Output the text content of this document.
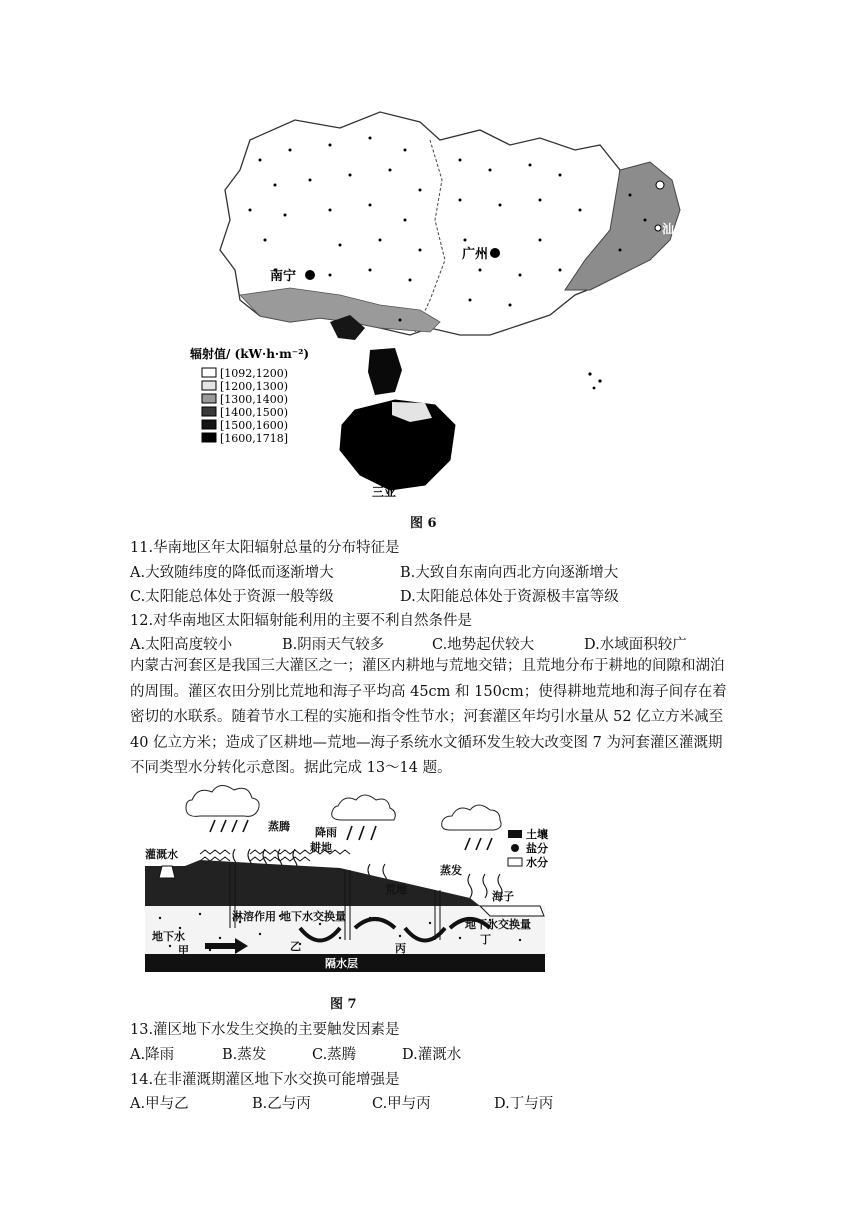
南宁
广州
汕头
三亚
辐射值/ (kW·h·m⁻²)
[1092,1200)
[1200,1300)
[1300,1400)
[1400,1500)
[1500,1600)
[1600,1718]
图 6
11.华南地区年太阳辐射总量的分布特征是
A.大致随纬度的降低而逐渐增大	B.大致自东南向西北方向逐渐增大
C.太阳能总体处于资源一般等级	D.太阳能总体处于资源极丰富等级
12.对华南地区太阳辐射能利用的主要不利自然条件是
A.太阳高度较小	B.阴雨天气较多	C.地势起伏较大	D.水域面积较广
内蒙古河套区是我国三大灌区之一；灌区内耕地与荒地交错；且荒地分布于耕地的间隙和湖泊的周围。灌区农田分别比荒地和海子平均高 45cm 和 150cm；使得耕地荒地和海子间存在着密切的水联系。随着节水工程的实施和指令性节水；河套灌区年均引水量从 52 亿立方米减至 40 亿立方米；造成了区耕地—荒地—海子系统水文循环发生较大改变图 7 为河套灌区灌溉期不同类型水分转化示意图。据此完成 13～14 题。
灌溉水
蒸腾 降雨
耕地
荒地
蒸发
海子
地下水
甲
淋溶作用 地下水交换量
乙	丙
地下水交换量
丁
隔水层
土壤
盐分
水分
图 7
13.灌区地下水发生交换的主要触发因素是
A.降雨	B.蒸发	C.蒸腾	D.灌溉水
14.在非灌溉期灌区地下水交换可能增强是
A.甲与乙	B.乙与丙	C.甲与丙	D.丁与丙
